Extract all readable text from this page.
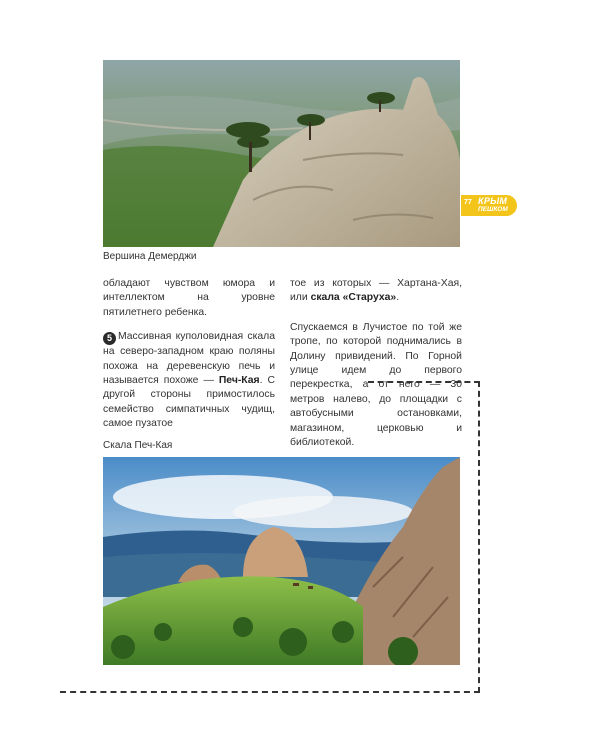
Вершина Демерджи
77 КРЫМ
ПЕШКОМ

обладают чувством юмора и интеллектом на уровне пятилетнего ребенка.

5 Массивная куполовидная скала на северо-западном краю поляны похожа на деревенскую печь и называется похоже — Печ-Кая. С другой стороны примостилось семейство симпатичных чудищ, самое пузатое

тое из которых — Хартана-Хая, или скала «Старуха».

Спускаемся в Лучистое по той же тропе, по которой поднимались в Долину привидений. По Горной улице идем до первого перекрестка, а от него — 30 метров налево, до площадки с автобусными остановками, магазином, церковью и библиотекой.

Скала Печ-Кая
